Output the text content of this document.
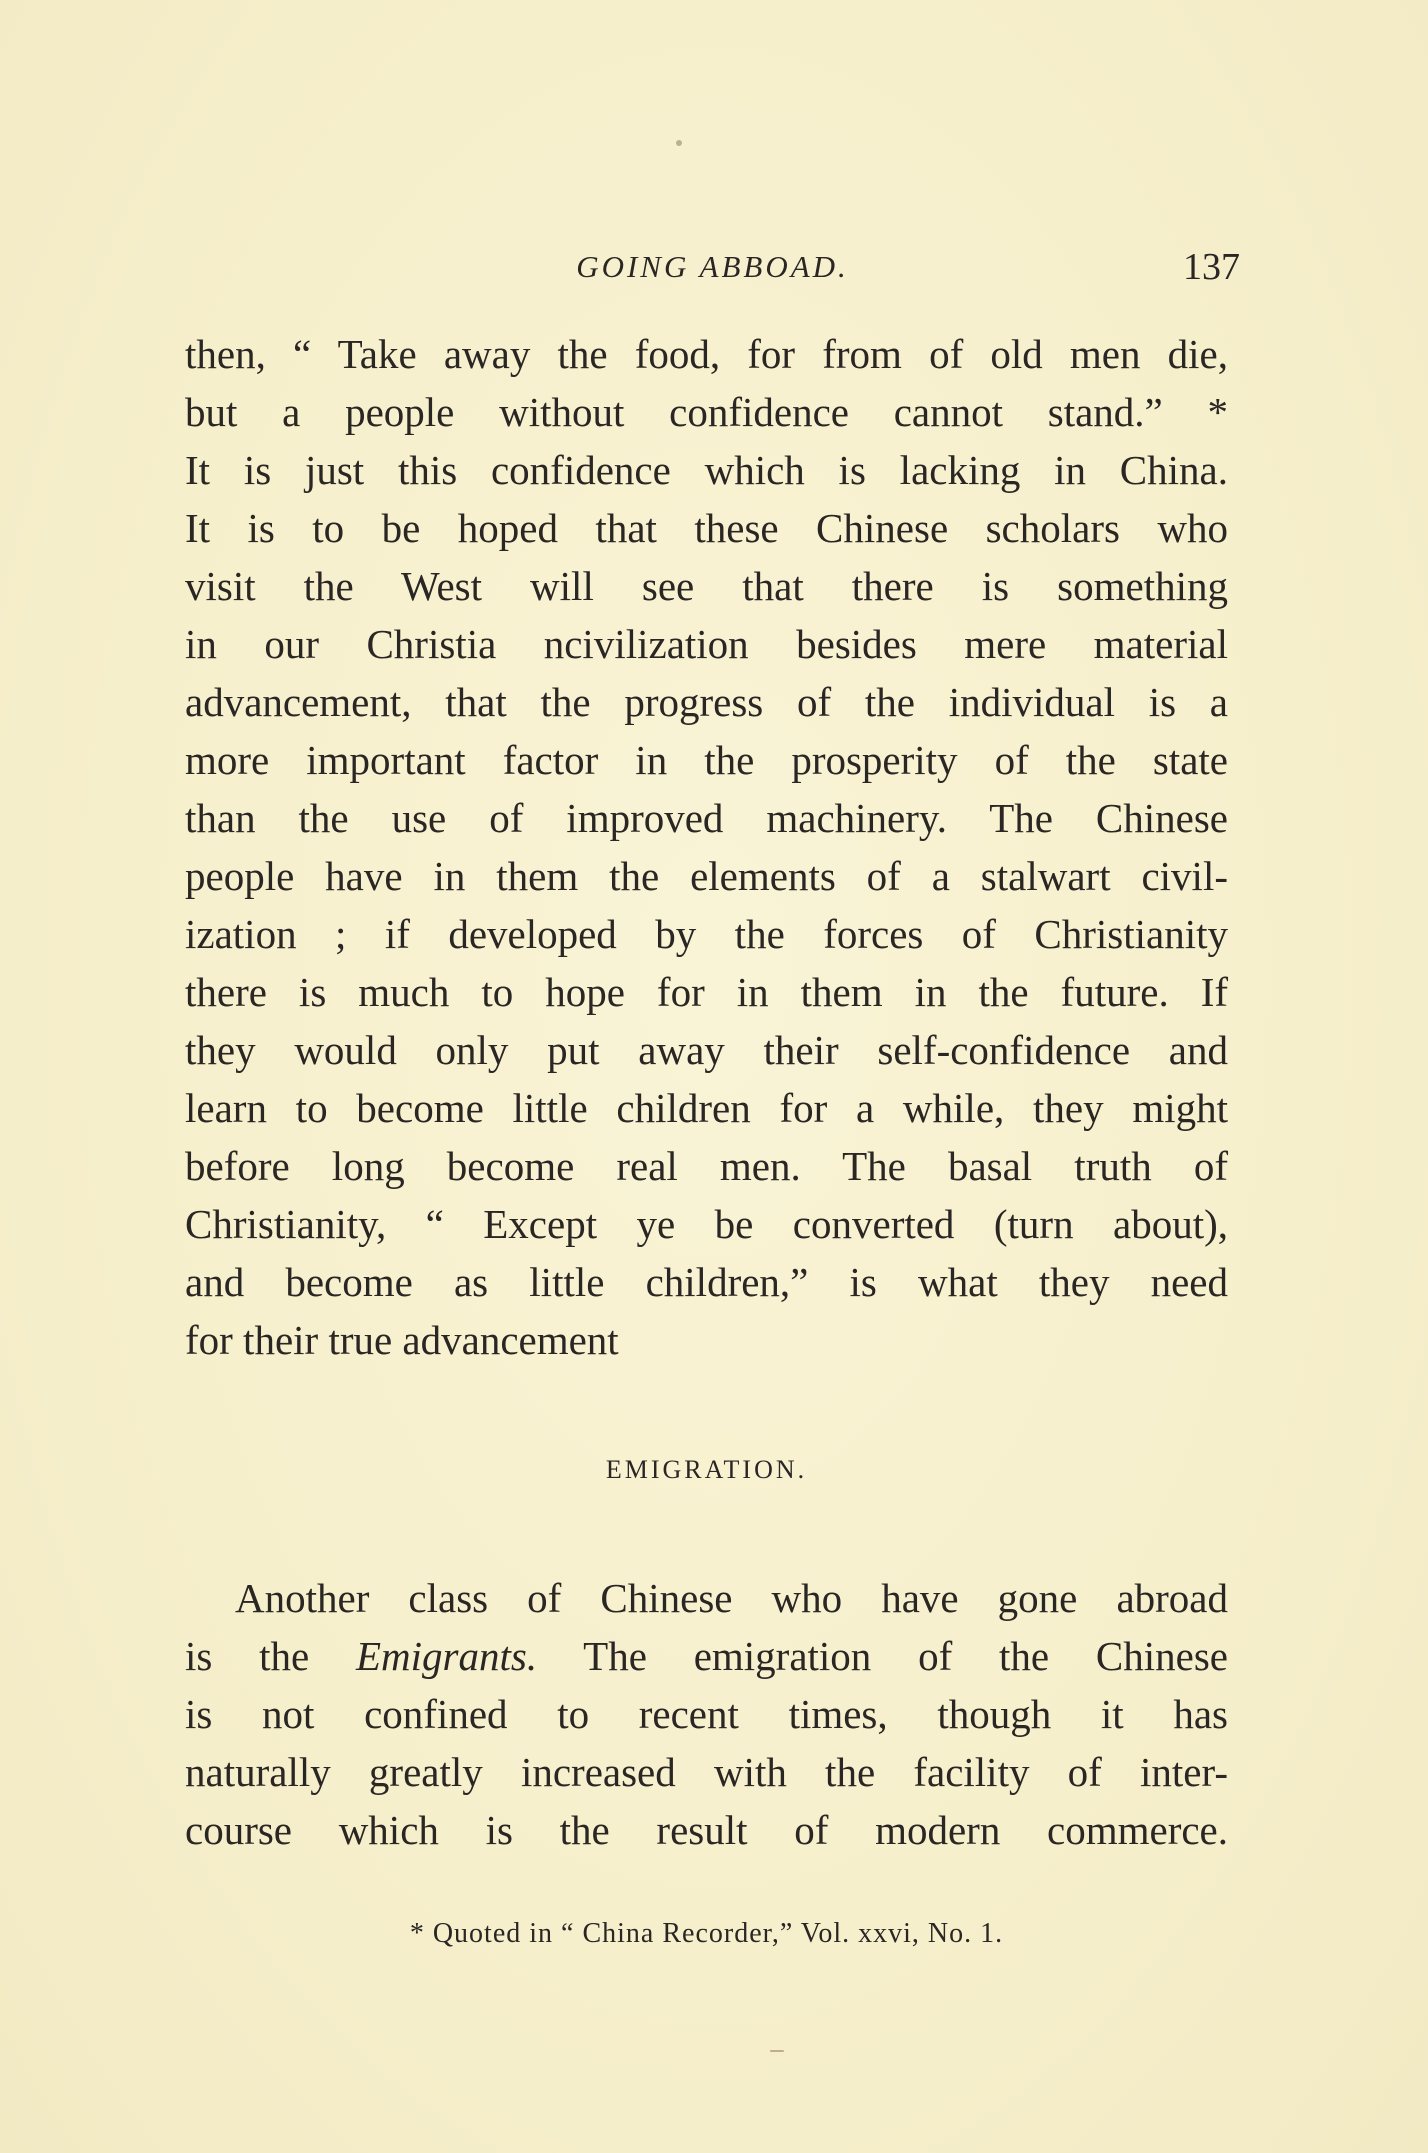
GOING ABBOAD.	137
then, “ Take away the food, for from of old men die,
but a people without confidence cannot stand.” *
It is just this confidence which is lacking in China.
It is to be hoped that these Chinese scholars who
visit the West will see that there is something
in our Christia ncivilization besides mere material
advancement, that the progress of the individual is a
more important factor in the prosperity of the state
than the use of improved machinery. The Chinese
people have in them the elements of a stalwart civil-
ization ; if developed by the forces of Christianity
there is much to hope for in them in the future. If
they would only put away their self-confidence and
learn to become little children for a while, they might
before long become real men. The basal truth of
Christianity, “ Except ye be converted (turn about),
and become as little children,” is what they need
for their true advancement
EMIGRATION.
Another class of Chinese who have gone abroad
is the Emigrants. The emigration of the Chinese
is not confined to recent times, though it has
naturally greatly increased with the facility of inter-
course which is the result of modern commerce.
* Quoted in “ China Recorder,” Vol. xxvi, No. 1.
